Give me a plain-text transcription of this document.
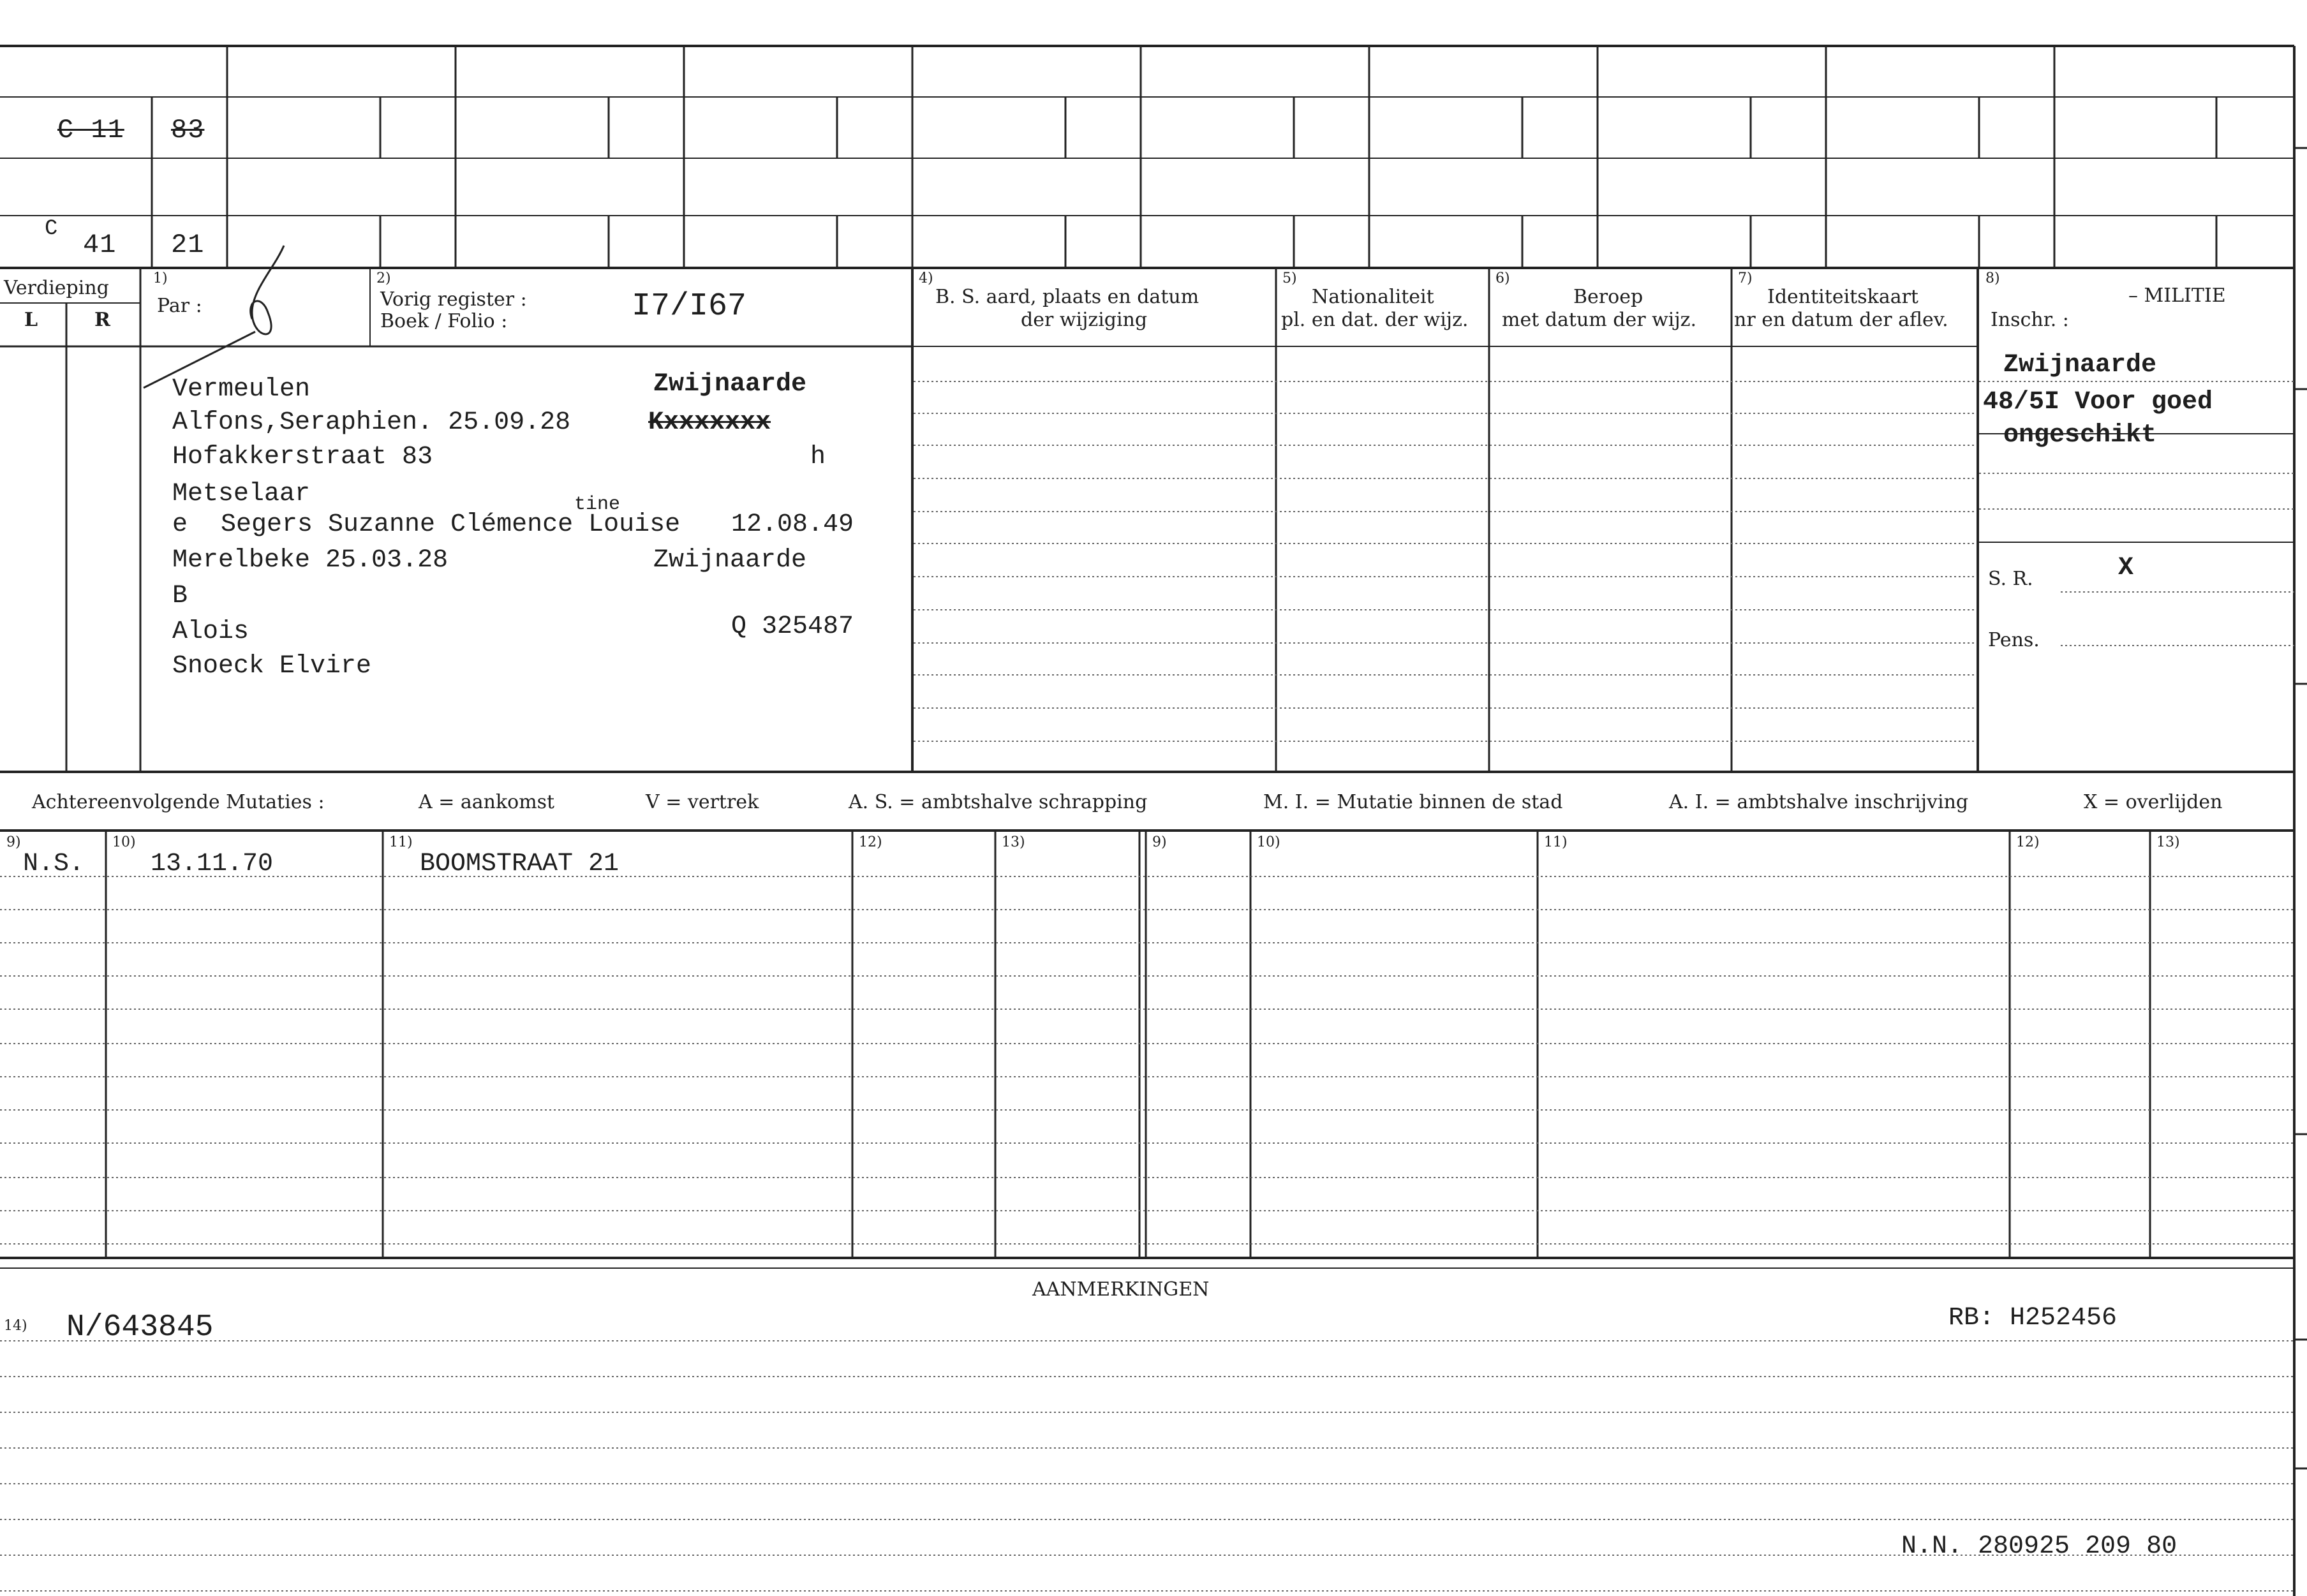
C 11 83
C
41 21
Verdieping
L	R
1)
Par :
2)
Vorig register :
Boek / Folio :	I7/I67
4)
B. S. aard, plaats en datum
der wijziging
5)
Nationaliteit
pl. en dat. der wijz.
6)
Beroep
met datum der wijz.
7)
Identiteitskaart
nr en datum der aflev.
8)
– MILITIE
Inschr. :
Vermeulen	Zwijnaarde
Alfons,Seraphien. 25.09.28	Kxxxxxxx
Hofakkerstraat 83	h
Metselaar
e Segers Suzanne Clémence Louise
tine
12.08.49
Merelbeke 25.03.28	Zwijnaarde
B
Alois	Q 325487
Snoeck Elvire
Zwijnaarde
48/5I Voor goed
ongeschikt
S. R.	X
Pens.
Achtereenvolgende Mutaties :	A = aankomst	V = vertrek	A. S. = ambtshalve schrapping	M. I. = Mutatie binnen de stad	A. I. = ambtshalve inschrijving	X = overlijden
9)	10)	11)	12)	13)	9)	10)	11)	12)	13)
N.S.	13.11.70	BOOMSTRAAT 21
AANMERKINGEN
14) N/643845	RB: H252456
N.N. 280925 209 80
